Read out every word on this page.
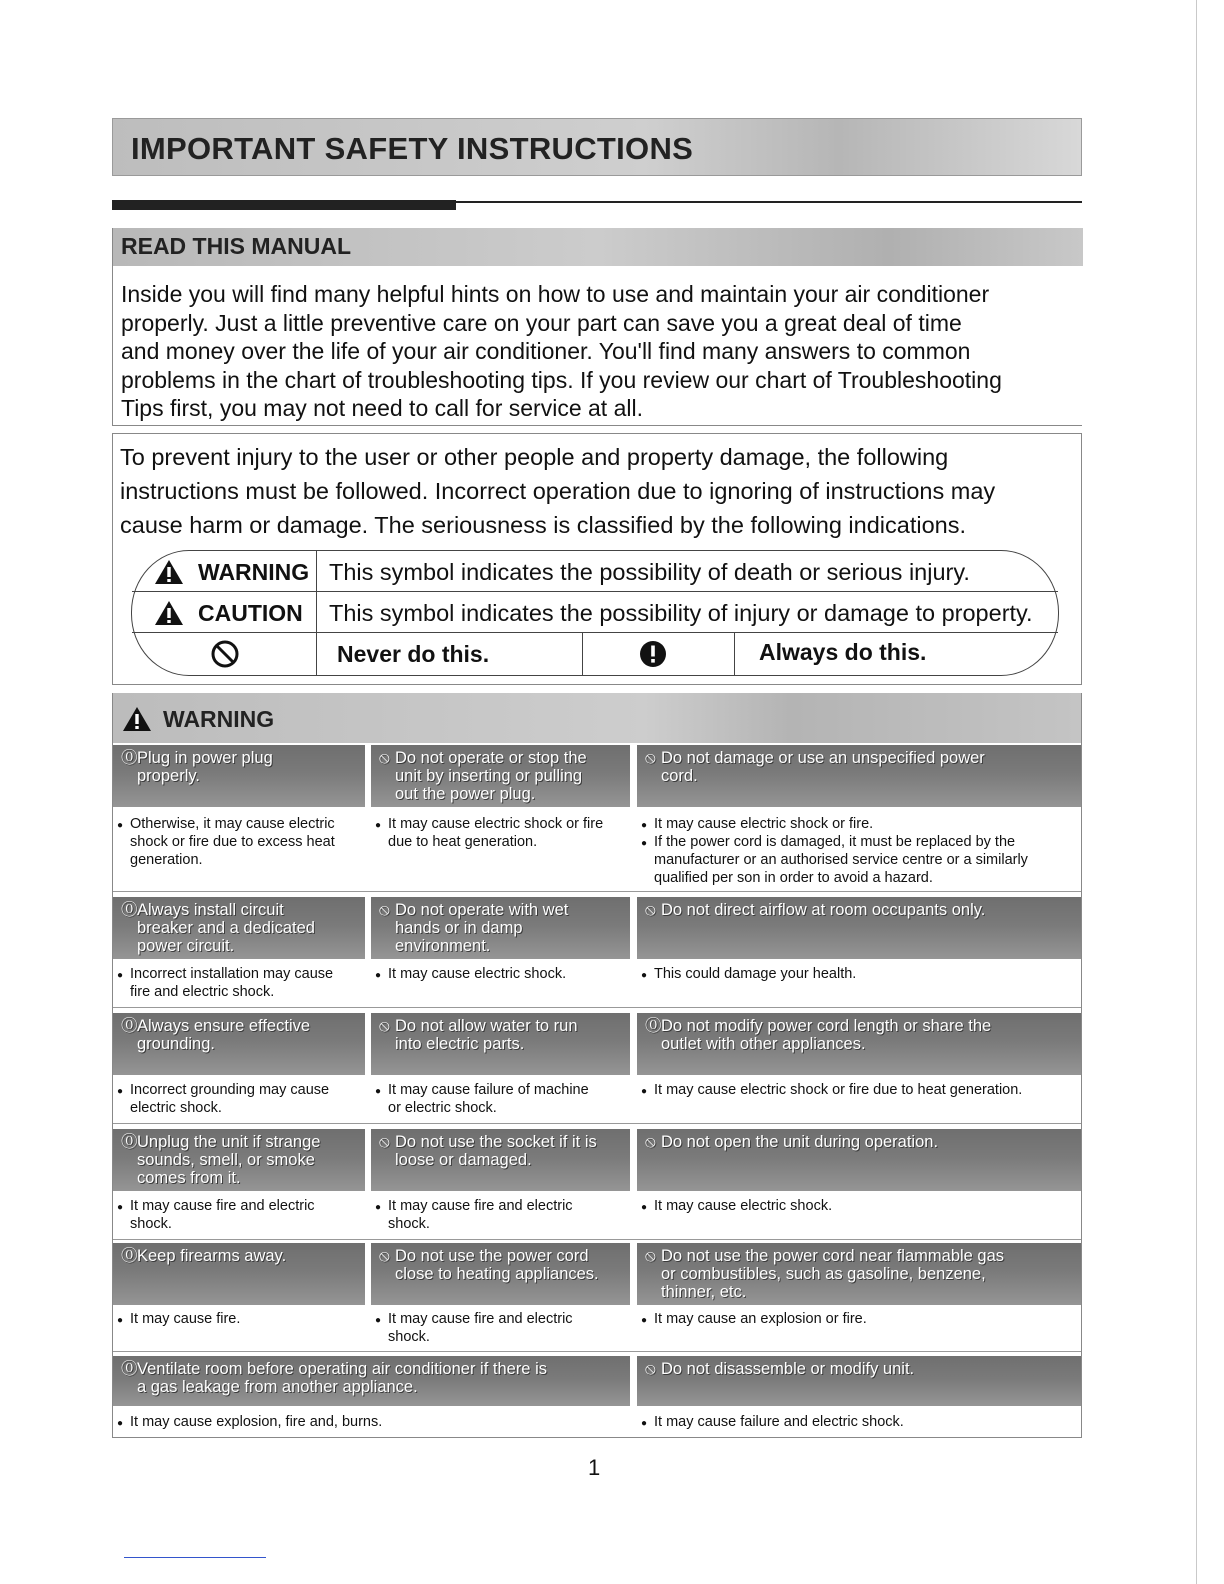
IMPORTANT SAFETY INSTRUCTIONS
READ THIS MANUAL
Inside you will find many helpful hints on how to use and maintain your air conditioner
properly. Just a little preventive care on your part can save you a great deal of time
and money over the life of your air conditioner. You'll find many answers to common
problems in the chart of troubleshooting tips. If you review our chart of Troubleshooting
Tips first, you may not need to call for service at all.
To prevent injury to the user or other people and property damage, the following
instructions must be followed. Incorrect operation due to ignoring of instructions may
cause harm or damage. The seriousness is classified by the following indications.
WARNING This symbol indicates the possibility of death or serious injury.
CAUTION This symbol indicates the possibility of injury or damage to property.
Never do this.	Always do this.
WARNING
⓪Plug in power plug
properly.
● Otherwise, it may cause electric
shock or fire due to excess heat
generation.
⦸ Do not operate or stop the
unit by inserting or pulling
out the power plug.
● It may cause electric shock or fire
due to heat generation.
⦸ Do not damage or use an unspecified power
cord.
● It may cause electric shock or fire.
● If the power cord is damaged, it must be replaced by the
manufacturer or an authorised service centre or a similarly
qualified per son in order to avoid a hazard.
⓪Always install circuit
breaker and a dedicated
power circuit.
● Incorrect installation may cause
fire and electric shock.
⦸ Do not operate with wet
hands or in damp
environment.
● It may cause electric shock.
⦸ Do not direct airflow at room occupants only.
● This could damage your health.
⓪Always ensure effective
grounding.
● Incorrect grounding may cause
electric shock.
⦸ Do not allow water to run
into electric parts.
● It may cause failure of machine
or electric shock.
⓪Do not modify power cord length or share the
outlet with other appliances.
● It may cause electric shock or fire due to heat generation.
⓪Unplug the unit if strange
sounds, smell, or smoke
comes from it.
● It may cause fire and electric
shock.
⦸ Do not use the socket if it is
loose or damaged.
● It may cause fire and electric
shock.
⦸ Do not open the unit during operation.
● It may cause electric shock.
⓪Keep firearms away.
● It may cause fire.
⦸ Do not use the power cord
close to heating appliances.
● It may cause fire and electric
shock.
⦸ Do not use the power cord near flammable gas
or combustibles, such as gasoline, benzene,
thinner, etc.
● It may cause an explosion or fire.
⓪Ventilate room before operating air conditioner if there is
a gas leakage from another appliance.
● It may cause explosion, fire and, burns.
⦸ Do not disassemble or modify unit.
● It may cause failure and electric shock.
1
